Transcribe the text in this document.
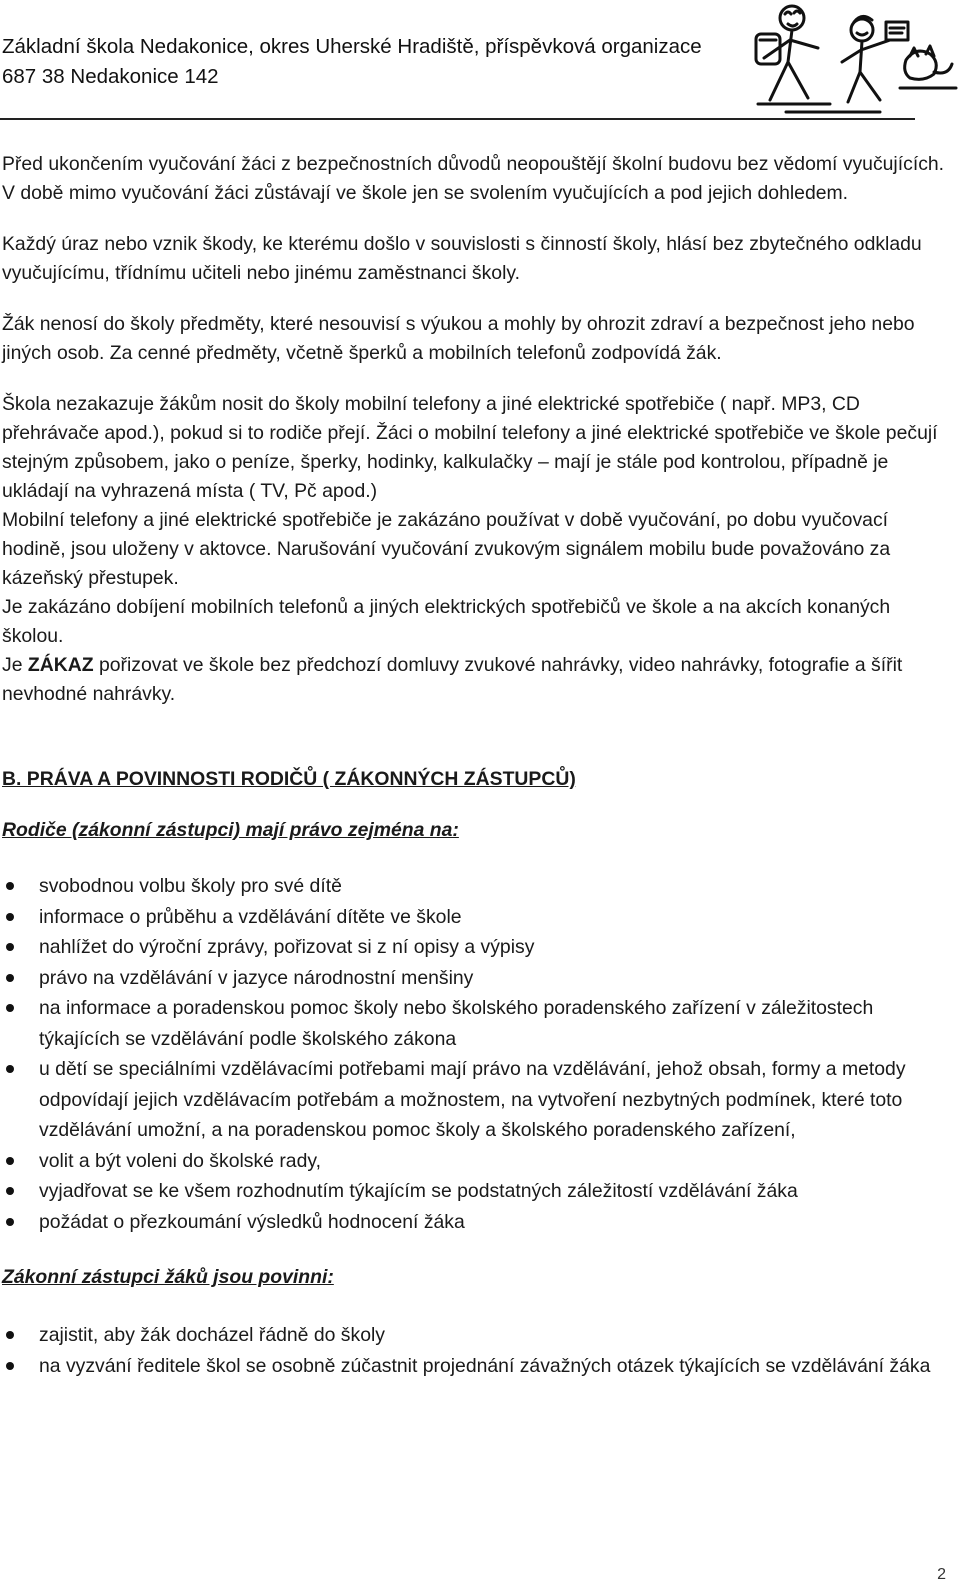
Základní škola Nedakonice, okres Uherské Hradiště, příspěvková organizace
687 38 Nedakonice 142

Před ukončením vyučování žáci z bezpečnostních důvodů neopouštějí školní budovu bez vědomí vyučujících. V době mimo vyučování žáci zůstávají ve škole jen se svolením vyučujících a pod jejich dohledem.

Každý úraz nebo vznik škody, ke kterému došlo v souvislosti s činností školy, hlásí bez zbytečného odkladu vyučujícímu, třídnímu učiteli nebo jinému zaměstnanci školy.

Žák nenosí do školy předměty, které nesouvisí s výukou a mohly by ohrozit zdraví a bezpečnost jeho nebo jiných osob. Za cenné předměty, včetně šperků a mobilních telefonů zodpovídá žák.

Škola nezakazuje žákům nosit do školy mobilní telefony a jiné elektrické spotřebiče ( např. MP3, CD přehrávače apod.), pokud si to rodiče přejí. Žáci o mobilní telefony a jiné elektrické spotřebiče ve škole pečují stejným způsobem, jako o peníze, šperky, hodinky, kalkulačky – mají je stále pod kontrolou, případně je ukládají na vyhrazená místa ( TV, Pč apod.)

Mobilní telefony a jiné elektrické spotřebiče je zakázáno používat v době vyučování, po dobu vyučovací hodině, jsou uloženy v aktovce. Narušování vyučování zvukovým signálem mobilu bude považováno za kázeňský přestupek.

Je zakázáno dobíjení mobilních telefonů a jiných elektrických spotřebičů ve škole a na akcích konaných školou.

Je ZÁKAZ pořizovat ve škole bez předchozí domluvy zvukové nahrávky, video nahrávky, fotografie a šířit nevhodné nahrávky.

B. PRÁVA A POVINNOSTI RODIČŮ ( ZÁKONNÝCH ZÁSTUPCŮ)

Rodiče (zákonní zástupci) mají právo zejména na:

svobodnou volbu školy pro své dítě
informace o průběhu a vzdělávání dítěte ve škole
nahlížet do výroční zprávy, pořizovat si z ní opisy a výpisy
právo na vzdělávání v jazyce národnostní menšiny
na informace a poradenskou pomoc školy nebo školského poradenského zařízení v záležitostech týkajících se vzdělávání podle školského zákona
u dětí se speciálními vzdělávacími potřebami mají právo na vzdělávání, jehož obsah, formy a metody odpovídají jejich vzdělávacím potřebám a možnostem, na vytvoření nezbytných podmínek, které toto vzdělávání umožní, a na poradenskou pomoc školy a školského poradenského zařízení,
volit a být voleni do školské rady,
vyjadřovat se ke všem rozhodnutím týkajícím se podstatných záležitostí vzdělávání žáka
požádat o přezkoumání výsledků hodnocení žáka

Zákonní zástupci žáků jsou povinni:

zajistit, aby žák docházel řádně do školy
na vyzvání ředitele škol se osobně zúčastnit projednání závažných otázek týkajících se vzdělávání žáka
2
